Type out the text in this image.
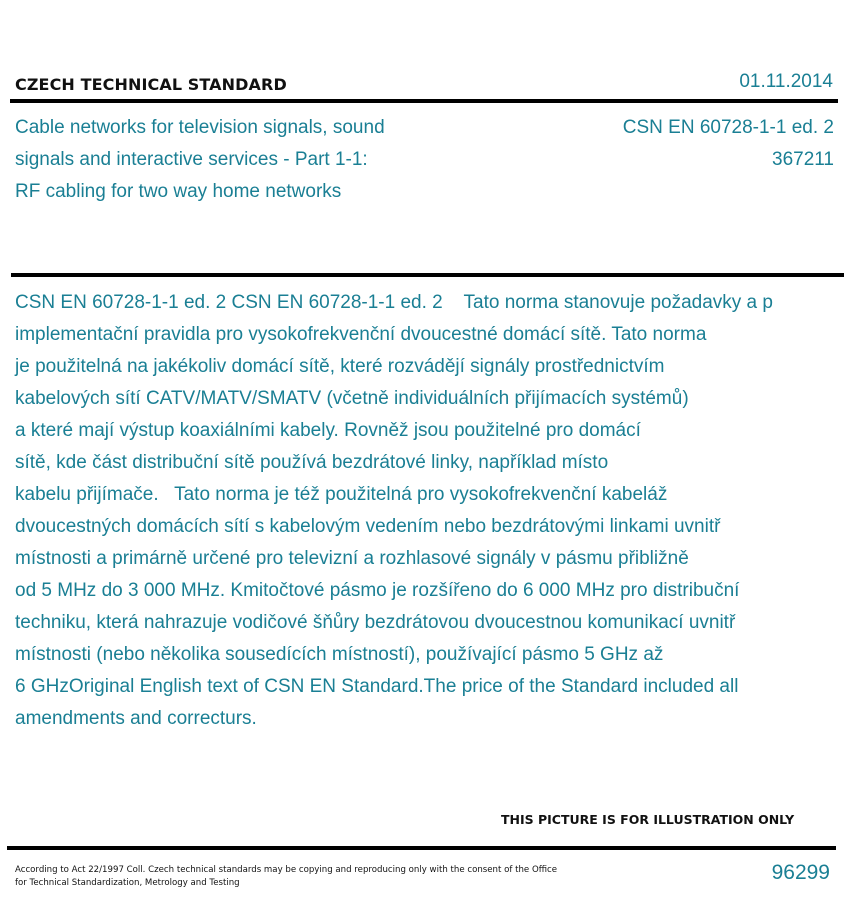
CZECH TECHNICAL STANDARD	01.11.2014
Cable networks for television signals, sound
signals and interactive services - Part 1-1:
RF cabling for two way home networks
CSN EN 60728-1-1 ed. 2
367211
CSN EN 60728-1-1 ed. 2 CSN EN 60728-1-1 ed. 2    Tato norma stanovuje požadavky a p
implementační pravidla pro vysokofrekvenční dvoucestné domácí sítě. Tato norma
je použitelná na jakékoliv domácí sítě, které rozvádějí signály prostřednictvím
kabelových sítí CATV/MATV/SMATV (včetně individuálních přijímacích systémů)
a které mají výstup koaxiálními kabely. Rovněž jsou použitelné pro domácí
sítě, kde část distribuční sítě používá bezdrátové linky, například místo
kabelu přijímače.   Tato norma je též použitelná pro vysokofrekvenční kabeláž
dvoucestných domácích sítí s kabelovým vedením nebo bezdrátovými linkami uvnitř
místnosti a primárně určené pro televizní a rozhlasové signály v pásmu přibližně
od 5 MHz do 3 000 MHz. Kmitočtové pásmo je rozšířeno do 6 000 MHz pro distribuční
techniku, která nahrazuje vodičové šňůry bezdrátovou dvoucestnou komunikací uvnitř
místnosti (nebo několika sousedících místností), používající pásmo 5 GHz až
6 GHzOriginal English text of CSN EN Standard.The price of the Standard included all
amendments and correcturs.
THIS PICTURE IS FOR ILLUSTRATION ONLY
According to Act 22/1997 Coll. Czech technical standards may be copying and reproducing only with the consent of the Office
for Technical Standardization, Metrology and Testing	96299
